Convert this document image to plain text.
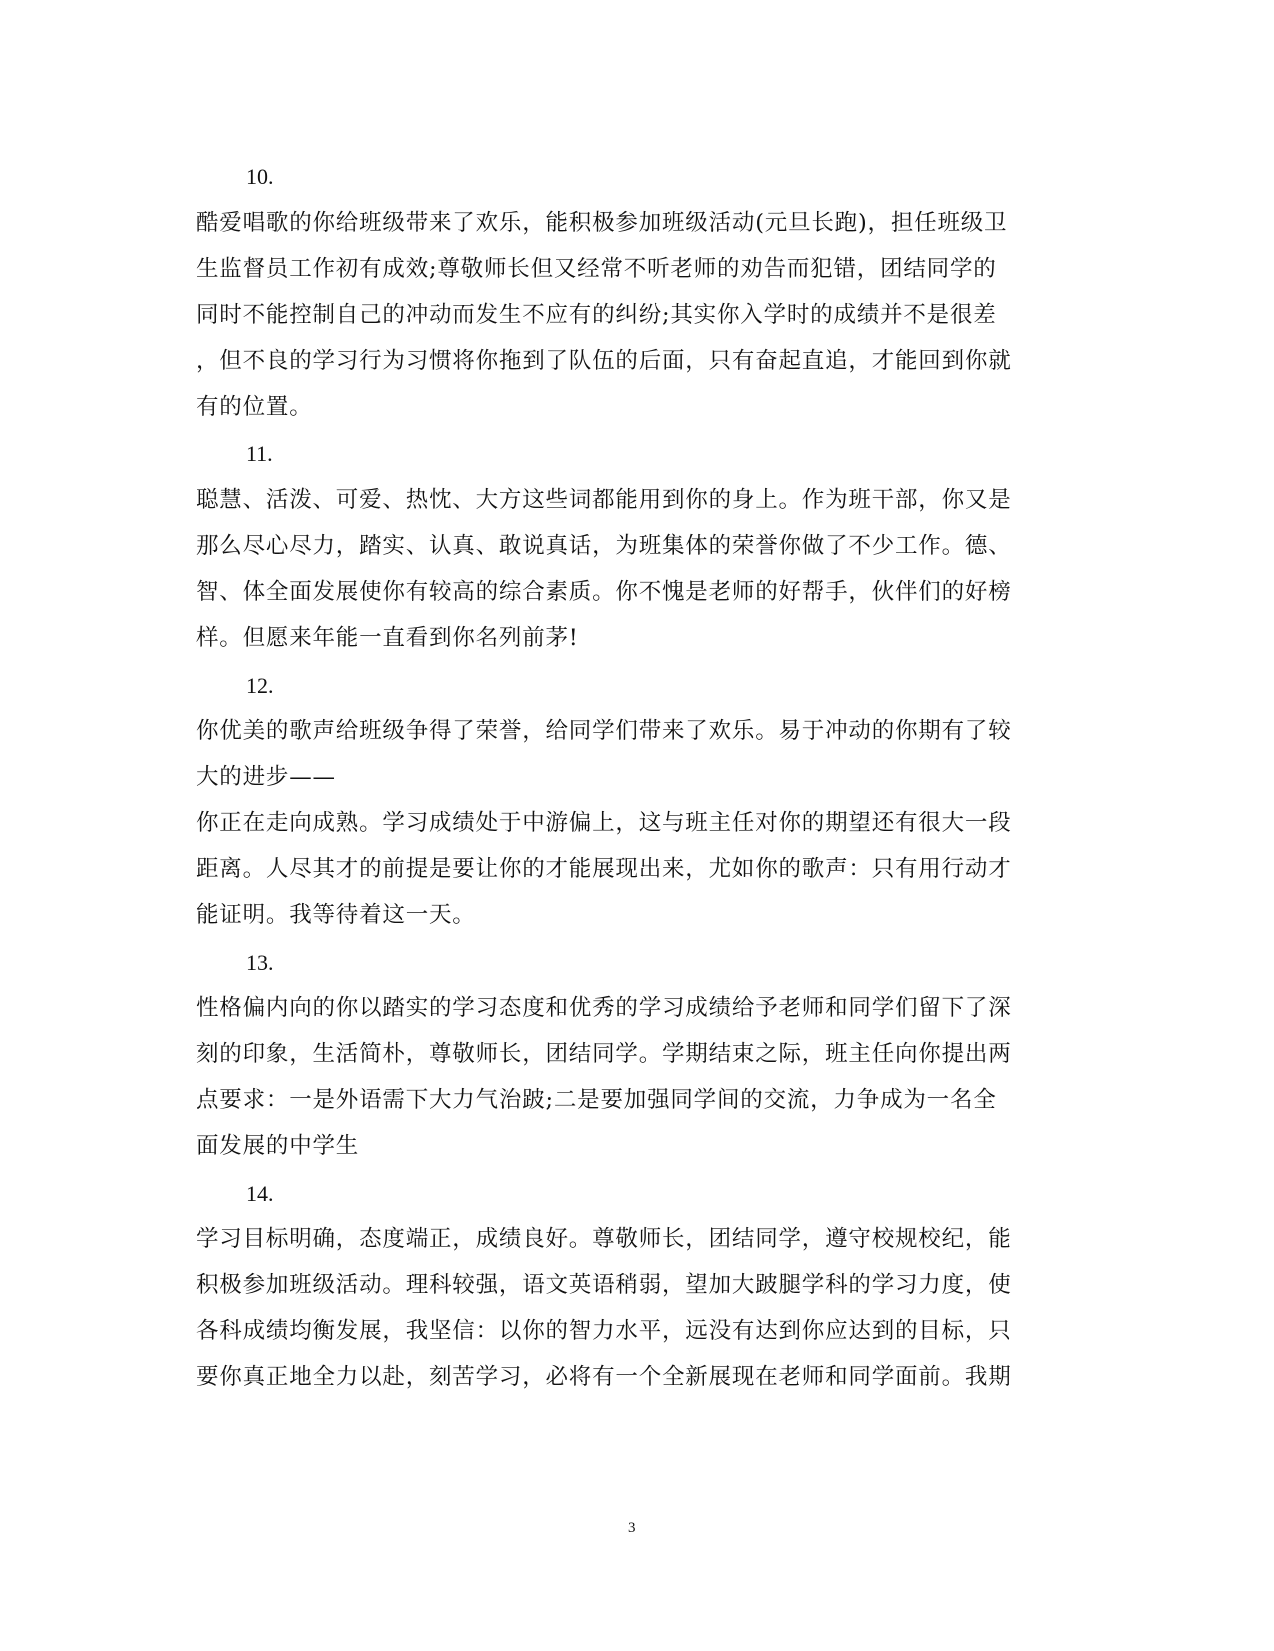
10.
酷爱唱歌的你给班级带来了欢乐，能积极参加班级活动(元旦长跑)，担任班级卫
生监督员工作初有成效;尊敬师长但又经常不听老师的劝告而犯错，团结同学的
同时不能控制自己的冲动而发生不应有的纠纷;其实你入学时的成绩并不是很差
，但不良的学习行为习惯将你拖到了队伍的后面，只有奋起直追，才能回到你就
有的位置。
11.
聪慧、活泼、可爱、热忱、大方这些词都能用到你的身上。作为班干部，你又是
那么尽心尽力，踏实、认真、敢说真话，为班集体的荣誉你做了不少工作。德、
智、体全面发展使你有较高的综合素质。你不愧是老师的好帮手，伙伴们的好榜
样。但愿来年能一直看到你名列前茅!
12.
你优美的歌声给班级争得了荣誉，给同学们带来了欢乐。易于冲动的你期有了较
大的进步——
你正在走向成熟。学习成绩处于中游偏上，这与班主任对你的期望还有很大一段
距离。人尽其才的前提是要让你的才能展现出来，尤如你的歌声：只有用行动才
能证明。我等待着这一天。
13.
性格偏内向的你以踏实的学习态度和优秀的学习成绩给予老师和同学们留下了深
刻的印象，生活简朴，尊敬师长，团结同学。学期结束之际，班主任向你提出两
点要求：一是外语需下大力气治跛;二是要加强同学间的交流，力争成为一名全
面发展的中学生
14.
学习目标明确，态度端正，成绩良好。尊敬师长，团结同学，遵守校规校纪，能
积极参加班级活动。理科较强，语文英语稍弱，望加大跛腿学科的学习力度，使
各科成绩均衡发展，我坚信：以你的智力水平，远没有达到你应达到的目标，只
要你真正地全力以赴，刻苦学习，必将有一个全新展现在老师和同学面前。我期
3
